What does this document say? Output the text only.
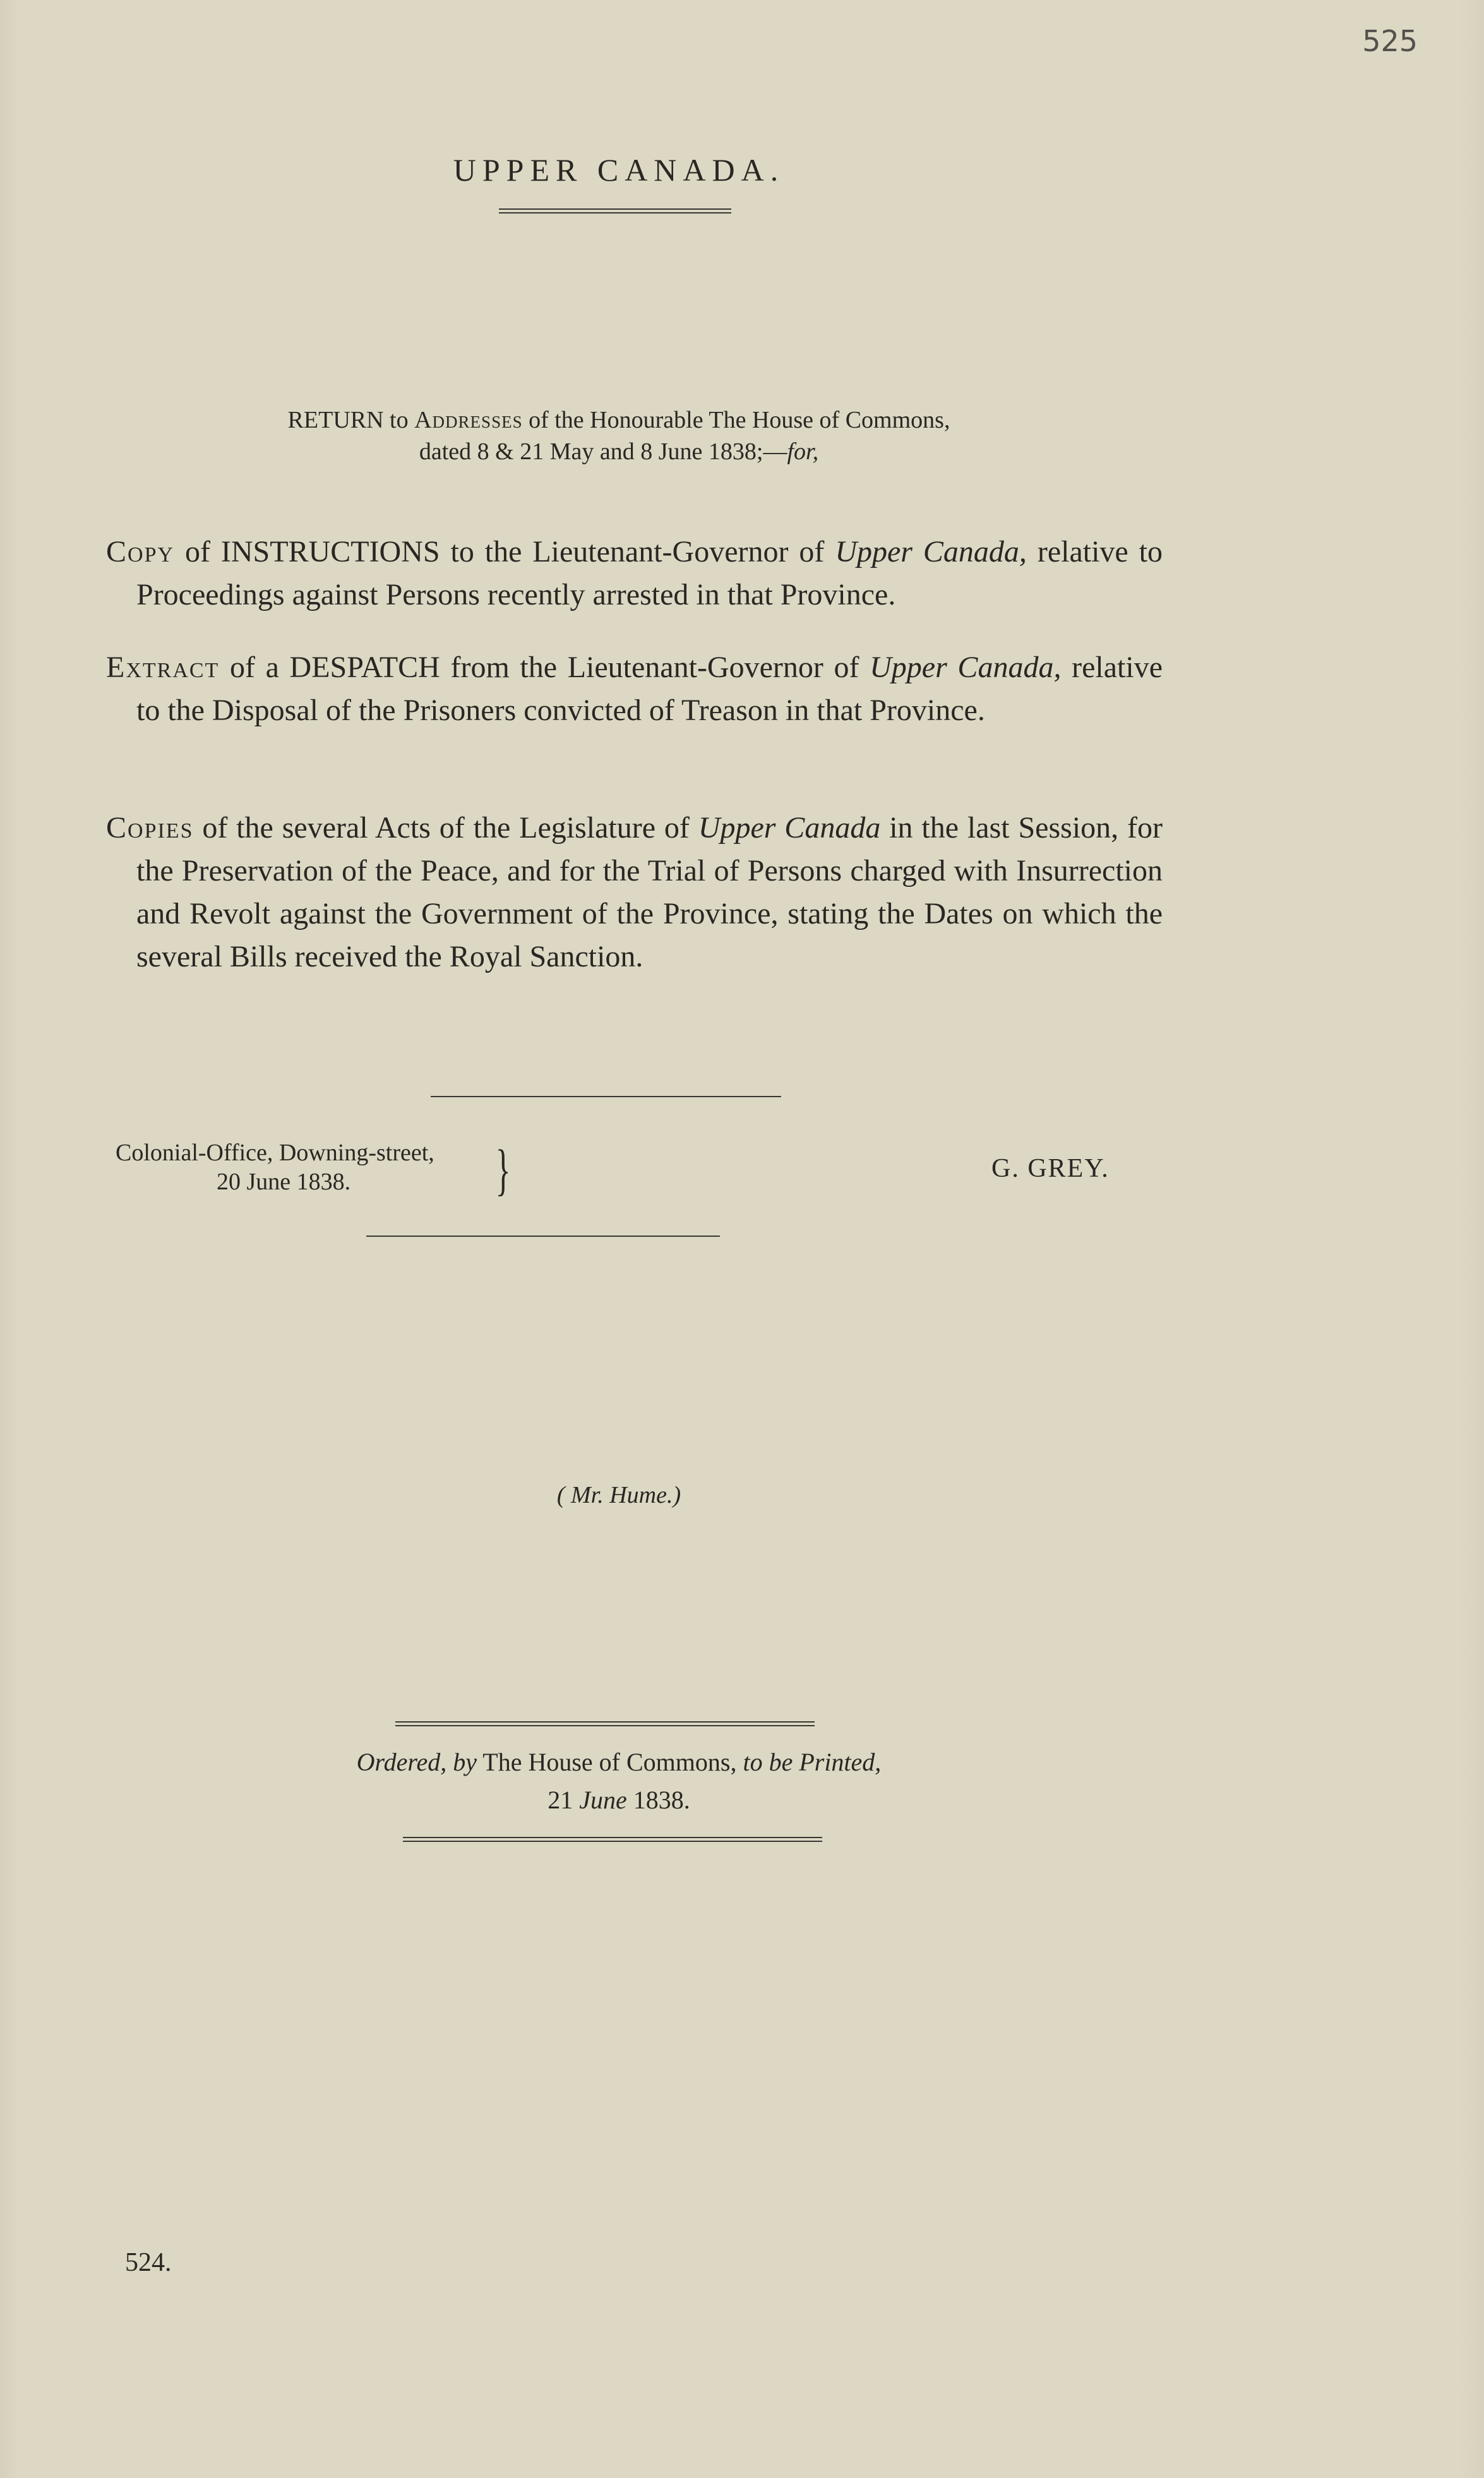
525
UPPER CANADA.
RETURN to Addresses of the Honourable The House of Commons,
dated 8 & 21 May and 8 June 1838;—for,
Copy of INSTRUCTIONS to the Lieutenant-Governor of Upper Canada, relative to Proceedings against Persons recently arrested in that Province.
Extract of a DESPATCH from the Lieutenant-Governor of Upper Canada, relative to the Disposal of the Prisoners convicted of Treason in that Province.
Copies of the several Acts of the Legislature of Upper Canada in the last Session, for the Preservation of the Peace, and for the Trial of Persons charged with Insurrection and Revolt against the Government of the Province, stating the Dates on which the several Bills received the Royal Sanction.
Colonial-Office, Downing-street,
20 June 1838.	}	G. GREY.
( Mr. Hume.)
Ordered, by The House of Commons, to be Printed,
21 June 1838.
524.
